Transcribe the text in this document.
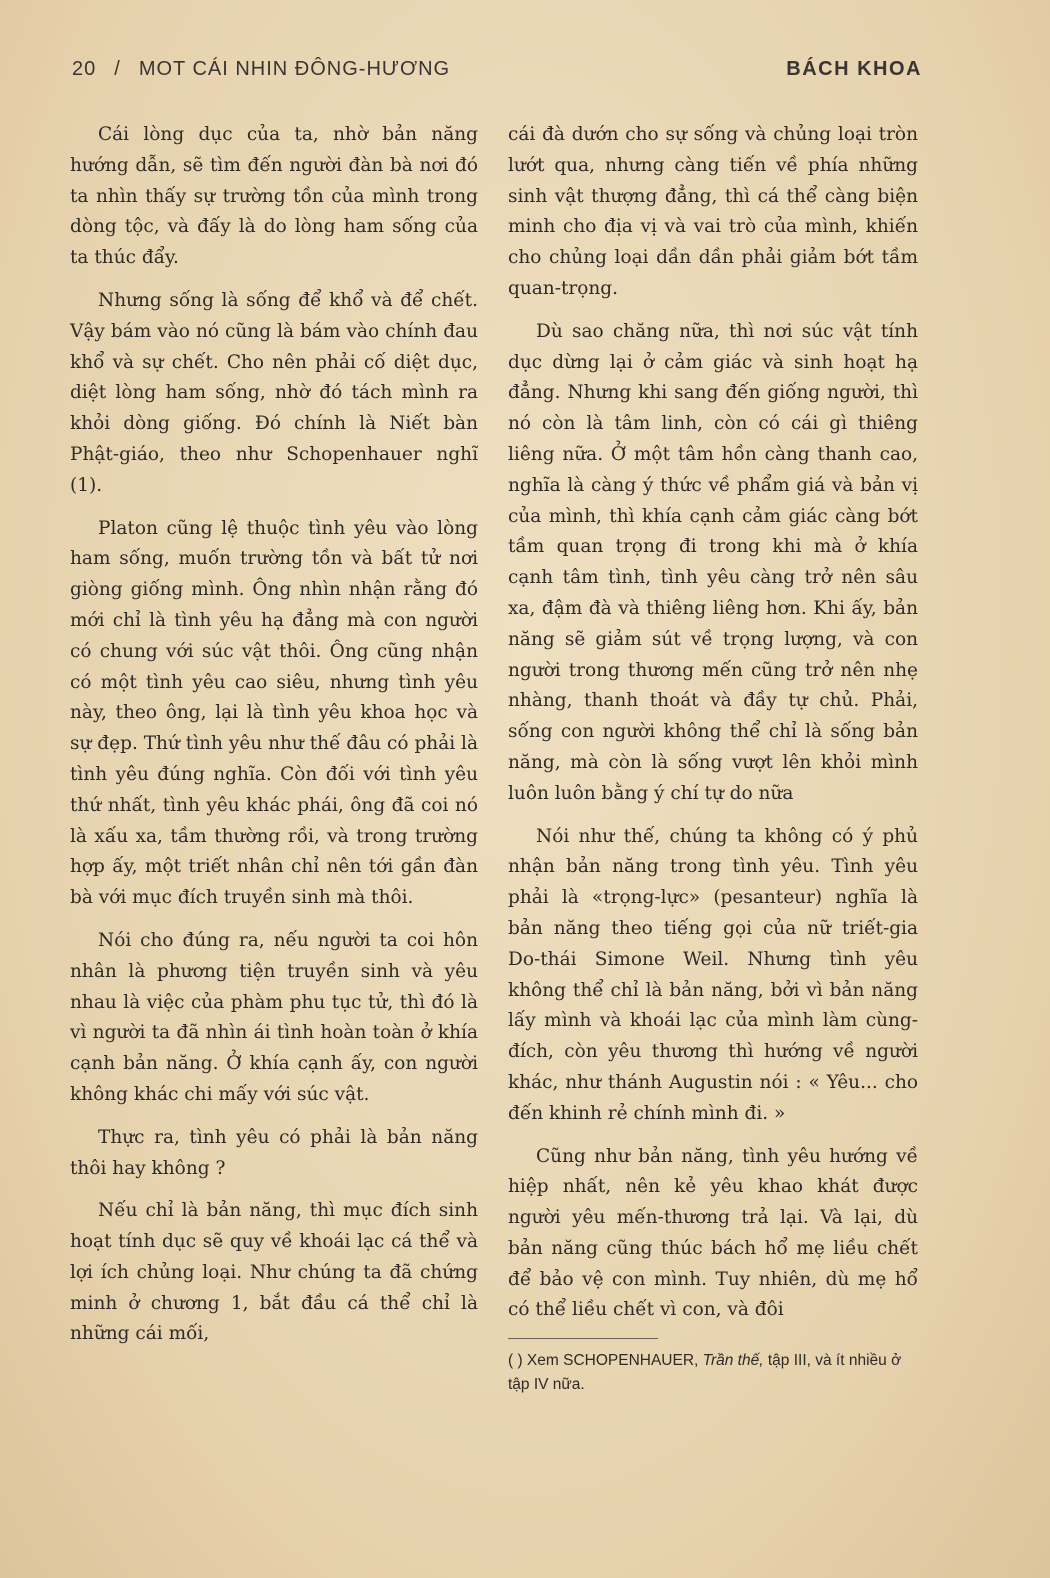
20 / MOT CÁI NHIN ĐÔNG-HƯƠNG	BÁCH KHOA

Cái lòng dục của ta, nhờ bản năng hướng dẫn, sẽ tìm đến người đàn bà nơi đó ta nhìn thấy sự trường tồn của mình trong dòng tộc, và đấy là do lòng ham sống của ta thúc đẩy.

Nhưng sống là sống để khổ và để chết. Vậy bám vào nó cũng là bám vào chính đau khổ và sự chết. Cho nên phải cố diệt dục, diệt lòng ham sống, nhờ đó tách mình ra khỏi dòng giống. Đó chính là Niết bàn Phật-giáo, theo như Schopenhauer nghĩ (1).

Platon cũng lệ thuộc tình yêu vào lòng ham sống, muốn trường tồn và bất tử nơi giòng giống mình. Ông nhìn nhận rằng đó mới chỉ là tình yêu hạ đẳng mà con người có chung với súc vật thôi. Ông cũng nhận có một tình yêu cao siêu, nhưng tình yêu này, theo ông, lại là tình yêu khoa học và sự đẹp. Thứ tình yêu như thế đâu có phải là tình yêu đúng nghĩa. Còn đối với tình yêu thứ nhất, tình yêu khác phái, ông đã coi nó là xấu xa, tầm thường rồi, và trong trường hợp ấy, một triết nhân chỉ nên tới gần đàn bà với mục đích truyền sinh mà thôi.

Nói cho đúng ra, nếu người ta coi hôn nhân là phương tiện truyền sinh và yêu nhau là việc của phàm phu tục tử, thì đó là vì người ta đã nhìn ái tình hoàn toàn ở khía cạnh bản năng. Ở khía cạnh ấy, con người không khác chi mấy với súc vật.

Thực ra, tình yêu có phải là bản năng thôi hay không ?

Nếu chỉ là bản năng, thì mục đích sinh hoạt tính dục sẽ quy về khoái lạc cá thể và lợi ích chủng loại. Như chúng ta đã chứng minh ở chương 1, bắt đầu cá thể chỉ là những cái mối,

cái đà dướn cho sự sống và chủng loại tròn lướt qua, nhưng càng tiến về phía những sinh vật thượng đẳng, thì cá thể càng biện minh cho địa vị và vai trò của mình, khiến cho chủng loại dần dần phải giảm bớt tầm quan-trọng.

Dù sao chăng nữa, thì nơi súc vật tính dục dừng lại ở cảm giác và sinh hoạt hạ đẳng. Nhưng khi sang đến giống người, thì nó còn là tâm linh, còn có cái gì thiêng liêng nữa. Ở một tâm hồn càng thanh cao, nghĩa là càng ý thức về phẩm giá và bản vị của mình, thì khía cạnh cảm giác càng bớt tầm quan trọng đi trong khi mà ở khía cạnh tâm tình, tình yêu càng trở nên sâu xa, đậm đà và thiêng liêng hơn. Khi ấy, bản năng sẽ giảm sút về trọng lượng, và con người trong thương mến cũng trở nên nhẹ nhàng, thanh thoát và đầy tự chủ. Phải, sống con người không thể chỉ là sống bản năng, mà còn là sống vượt lên khỏi mình luôn luôn bằng ý chí tự do nữa

Nói như thế, chúng ta không có ý phủ nhận bản năng trong tình yêu. Tình yêu phải là «trọng-lực» (pesanteur) nghĩa là bản năng theo tiếng gọi của nữ triết-gia Do-thái Simone Weil. Nhưng tình yêu không thể chỉ là bản năng, bởi vì bản năng lấy mình và khoái lạc của mình làm cùng-đích, còn yêu thương thì hướng về người khác, như thánh Augustin nói : « Yêu... cho đến khinh rẻ chính mình đi. »

Cũng như bản năng, tình yêu hướng về hiệp nhất, nên kẻ yêu khao khát được người yêu mến-thương trả lại. Và lại, dù bản năng cũng thúc bách hổ mẹ liều chết để bảo vệ con mình. Tuy nhiên, dù mẹ hổ có thể liều chết vì con, và đôi

( ) Xem SCHOPENHAUER, Trần thế, tập III, và ít nhiều ở tập IV nữa.
